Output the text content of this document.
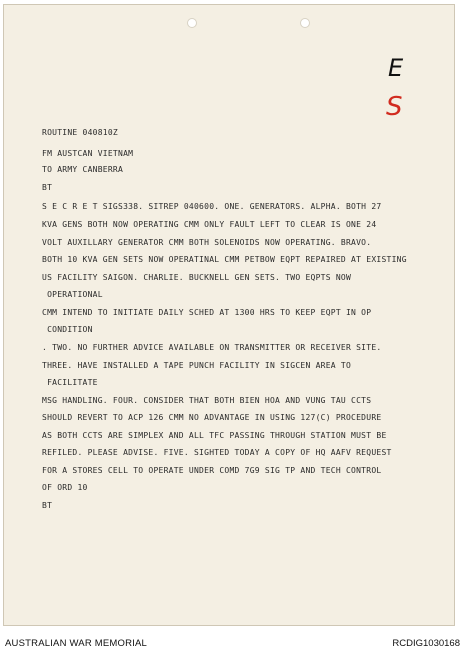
E
S
ROUTINE 040810Z
FM AUSTCAN VIETNAM
TO ARMY CANBERRA
BT
S E C R E T SIGS338. SITREP 040600. ONE. GENERATORS. ALPHA. BOTH 27
KVA GENS BOTH NOW OPERATING CMM ONLY FAULT LEFT TO CLEAR IS ONE 24
VOLT AUXILLARY GENERATOR CMM BOTH SOLENOIDS NOW OPERATING. BRAVO.
BOTH 10 KVA GEN SETS NOW OPERATINAL CMM PETBOW EQPT REPAIRED AT EXISTING
US FACILITY SAIGON. CHARLIE. BUCKNELL GEN SETS. TWO EQPTS NOW
OPERATIONAL
CMM INTEND TO INITIATE DAILY SCHED AT 1300 HRS TO KEEP EQPT IN OP
CONDITION
. TWO. NO FURTHER ADVICE AVAILABLE ON TRANSMITTER OR RECEIVER SITE.
THREE. HAVE INSTALLED A TAPE PUNCH FACILITY IN SIGCEN AREA TO
FACILITATE
MSG HANDLING. FOUR. CONSIDER THAT BOTH BIEN HOA AND VUNG TAU CCTS
SHOULD REVERT TO ACP 126 CMM NO ADVANTAGE IN USING 127(C) PROCEDURE
AS BOTH CCTS ARE SIMPLEX AND ALL TFC PASSING THROUGH STATION MUST BE
REFILED. PLEASE ADVISE. FIVE. SIGHTED TODAY A COPY OF HQ AAFV REQUEST
FOR A STORES CELL TO OPERATE UNDER COMD 7G9 SIG TP AND TECH CONTROL
OF ORD 10
BT
AUSTRALIAN WAR MEMORIAL	RCDIG1030168
